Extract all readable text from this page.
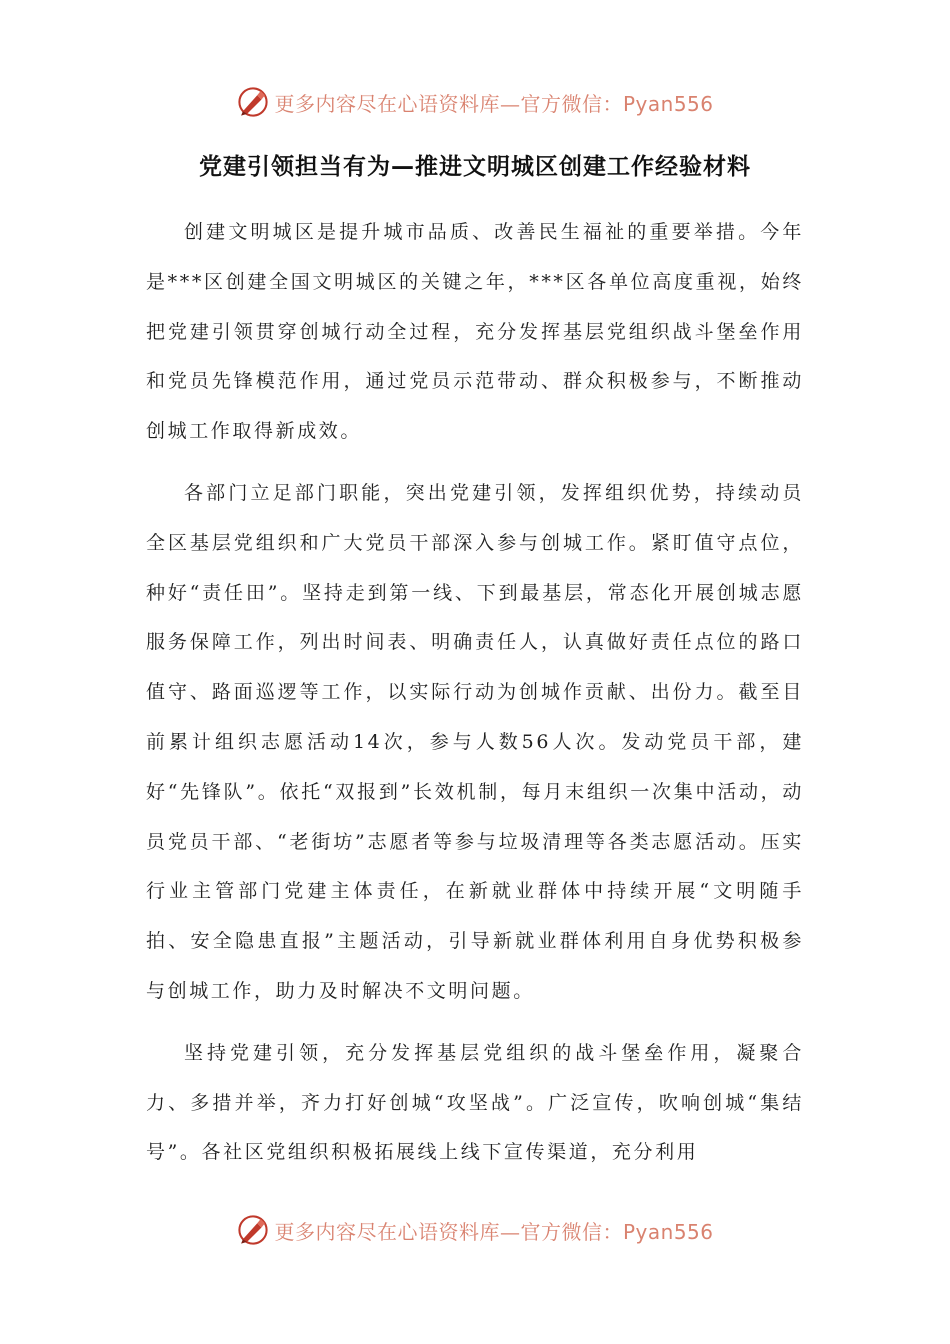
更多内容尽在心语资料库—官方微信：Pyan556
党建引领担当有为—推进文明城区创建工作经验材料

创建文明城区是提升城市品质、改善民生福祉的重要举措。今年是***区创建全国文明城区的关键之年，***区各单位高度重视，始终把党建引领贯穿创城行动全过程，充分发挥基层党组织战斗堡垒作用和党员先锋模范作用，通过党员示范带动、群众积极参与，不断推动创城工作取得新成效。

各部门立足部门职能，突出党建引领，发挥组织优势，持续动员全区基层党组织和广大党员干部深入参与创城工作。紧盯值守点位，种好“责任田”。坚持走到第一线、下到最基层，常态化开展创城志愿服务保障工作，列出时间表、明确责任人，认真做好责任点位的路口值守、路面巡逻等工作，以实际行动为创城作贡献、出份力。截至目前累计组织志愿活动14次，参与人数56人次。发动党员干部，建好“先锋队”。依托“双报到”长效机制，每月末组织一次集中活动，动员党员干部、“老街坊”志愿者等参与垃圾清理等各类志愿活动。压实行业主管部门党建主体责任，在新就业群体中持续开展“文明随手拍、安全隐患直报”主题活动，引导新就业群体利用自身优势积极参与创城工作，助力及时解决不文明问题。

坚持党建引领，充分发挥基层党组织的战斗堡垒作用，凝聚合力、多措并举，齐力打好创城“攻坚战”。广泛宣传，吹响创城“集结号”。各社区党组织积极拓展线上线下宣传渠道，充分利用

更多内容尽在心语资料库—官方微信：Pyan556
